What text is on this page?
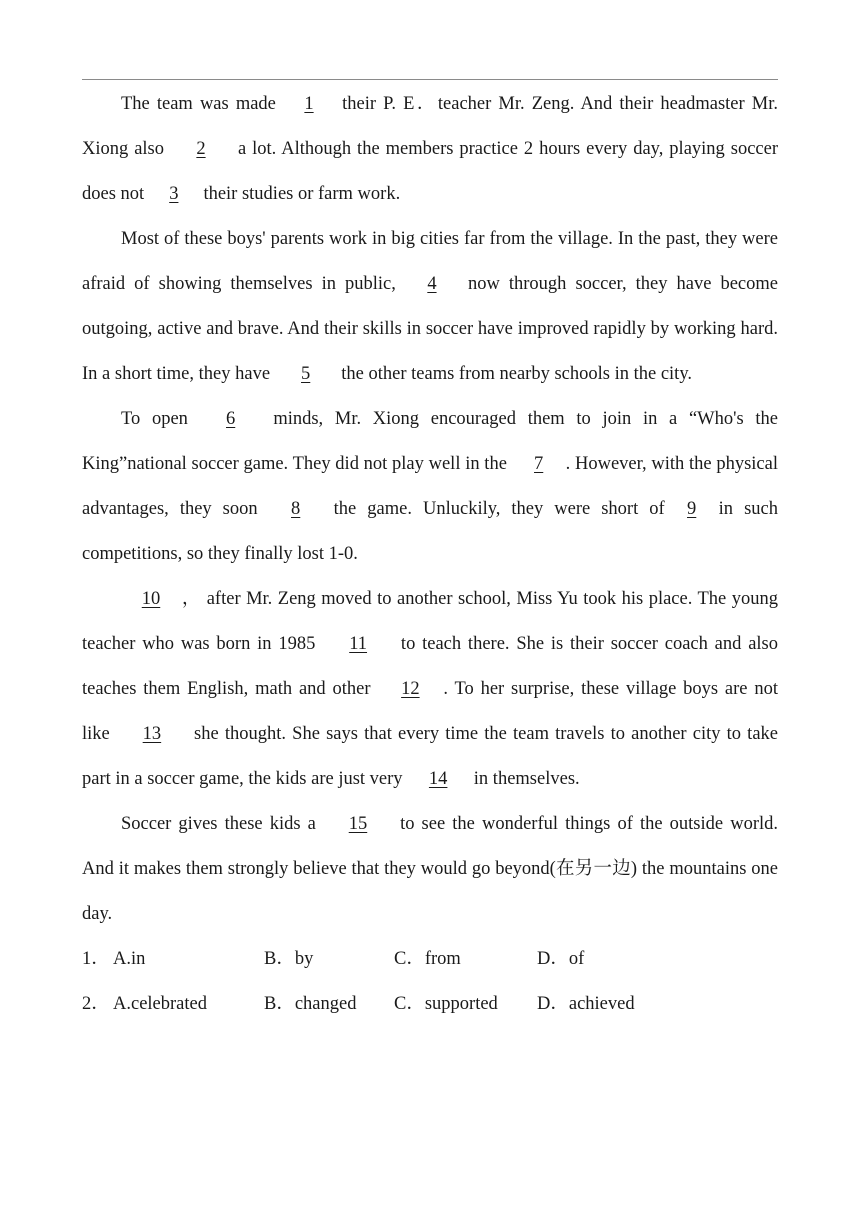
The team was made 1 their P. E．teacher Mr. Zeng. And their headmaster Mr. Xiong also 2 a lot. Although the members practice 2 hours every day, playing soccer does not 3 their studies or farm work.

Most of these boys' parents work in big cities far from the village. In the past, they were afraid of showing themselves in public, 4 now through soccer, they have become outgoing, active and brave. And their skills in soccer have improved rapidly by working hard. In a short time, they have 5 the other teams from nearby schools in the city.

To open 6 minds, Mr. Xiong encouraged them to join in a “Who's the King”national soccer game. They did not play well in the 7 . However, with the physical advantages, they soon 8 the game. Unluckily, they were short of 9 in such competitions, so they finally lost 1-0.

10 ， after Mr. Zeng moved to another school, Miss Yu took his place. The young teacher who was born in 1985 11 to teach there. She is their soccer coach and also teaches them English, math and other 12 . To her surprise, these village boys are not like 13 she thought. She says that every time the team travels to another city to take part in a soccer game, the kids are just very 14 in themselves.

Soccer gives these kids a 15 to see the wonderful things of the outside world. And it makes them strongly believe that they would go beyond(在另一边) the mountains one day.

1． A.in	B．by	C．from	D．of
2． A.celebrated	B．changed	C．supported	D．achieved
